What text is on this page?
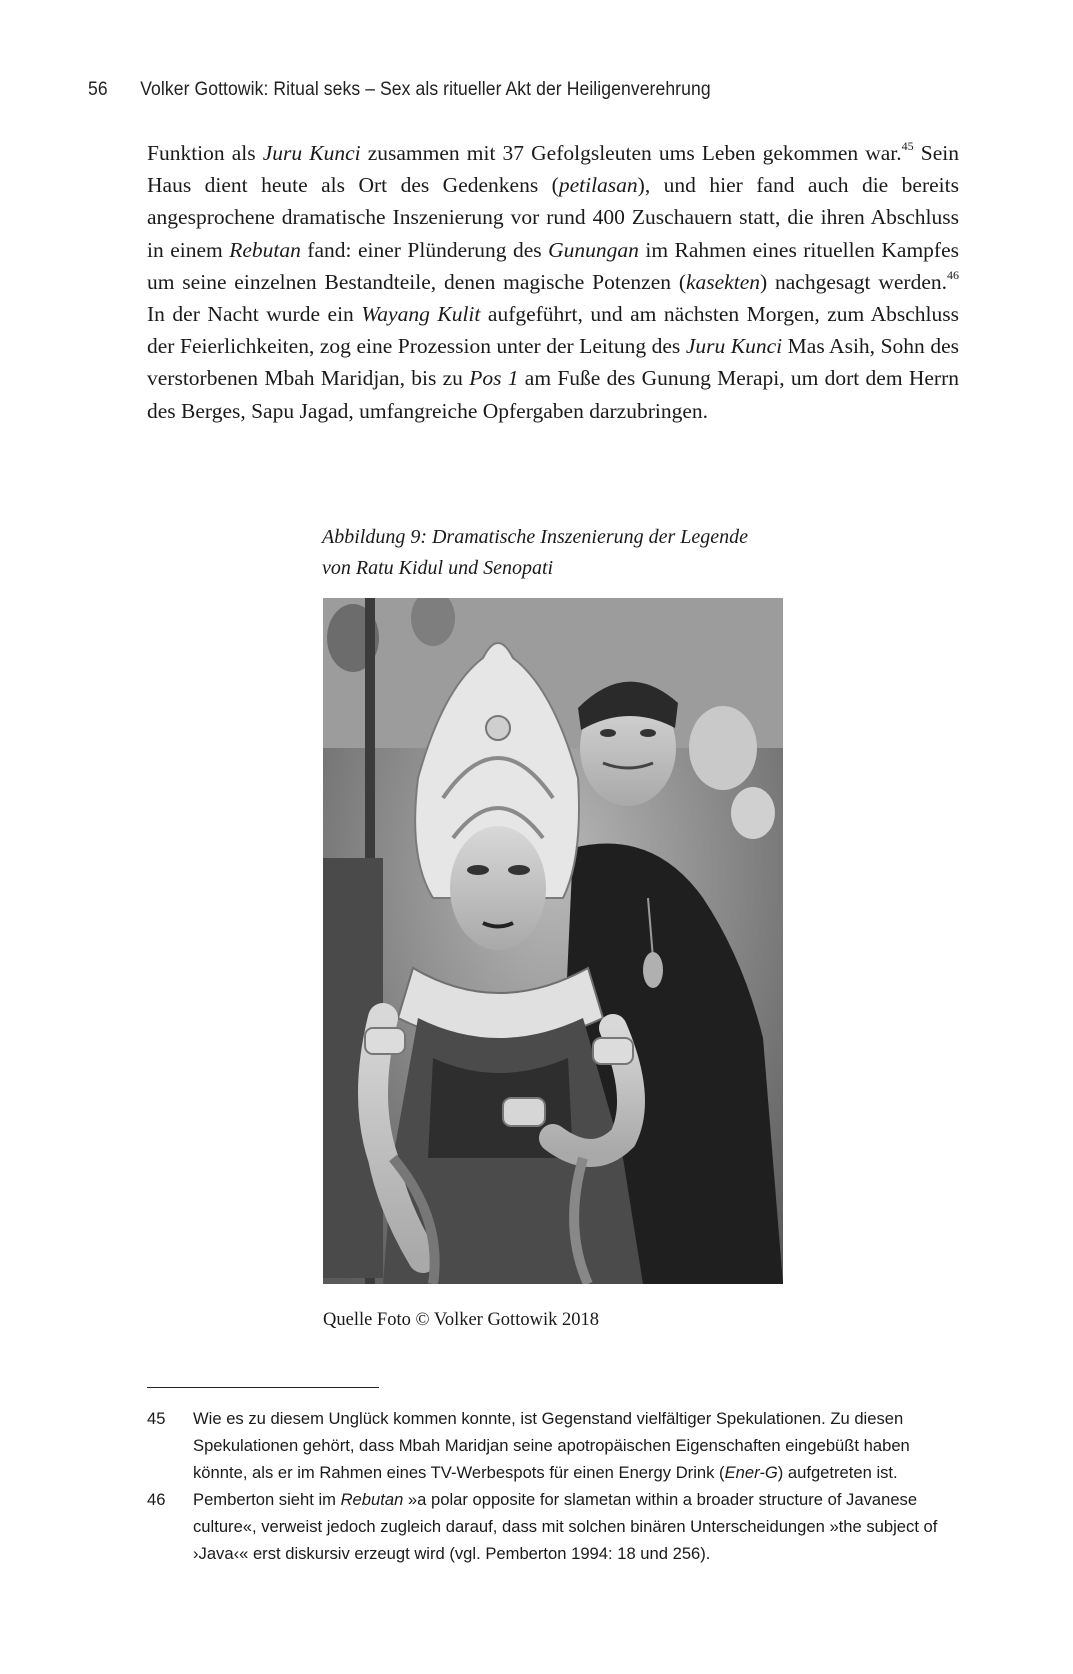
56 Volker Gottowik: Ritual seks – Sex als ritueller Akt der Heiligenverehrung

Funktion als Juru Kunci zusammen mit 37 Gefolgsleuten ums Leben gekommen war.$^{45}$ Sein Haus dient heute als Ort des Gedenkens (petilasan), und hier fand auch die bereits angesprochene dramatische Inszenierung vor rund 400 Zuschauern statt, die ihren Abschluss in einem Rebutan fand: einer Plünderung des Gunungan im Rahmen eines rituellen Kampfes um seine einzelnen Bestandteile, denen magische Potenzen (kasekten) nachgesagt werden.$^{46}$ In der Nacht wurde ein Wayang Kulit aufgeführt, und am nächsten Morgen, zum Abschluss der Feierlichkeiten, zog eine Prozession unter der Leitung des Juru Kunci Mas Asih, Sohn des verstorbenen Mbah Maridjan, bis zu Pos 1 am Fuße des Gunung Merapi, um dort dem Herrn des Berges, Sapu Jagad, umfangreiche Opfergaben darzubringen.

Abbildung 9: Dramatische Inszenierung der Legende
von Ratu Kidul und Senopati
Quelle Foto © Volker Gottowik 2018
45 Wie es zu diesem Unglück kommen konnte, ist Gegenstand vielfältiger Spekulationen. Zu diesen Spekulationen gehört, dass Mbah Maridjan seine apotropäischen Eigenschaften eingebüßt haben könnte, als er im Rahmen eines TV-Werbespots für einen Energy Drink (Ener-G) aufgetreten ist.
46 Pemberton sieht im Rebutan »a polar opposite for slametan within a broader structure of Javanese culture«, verweist jedoch zugleich darauf, dass mit solchen binären Unterscheidungen »the subject of ›Java‹« erst diskursiv erzeugt wird (vgl. Pemberton 1994: 18 und 256).
